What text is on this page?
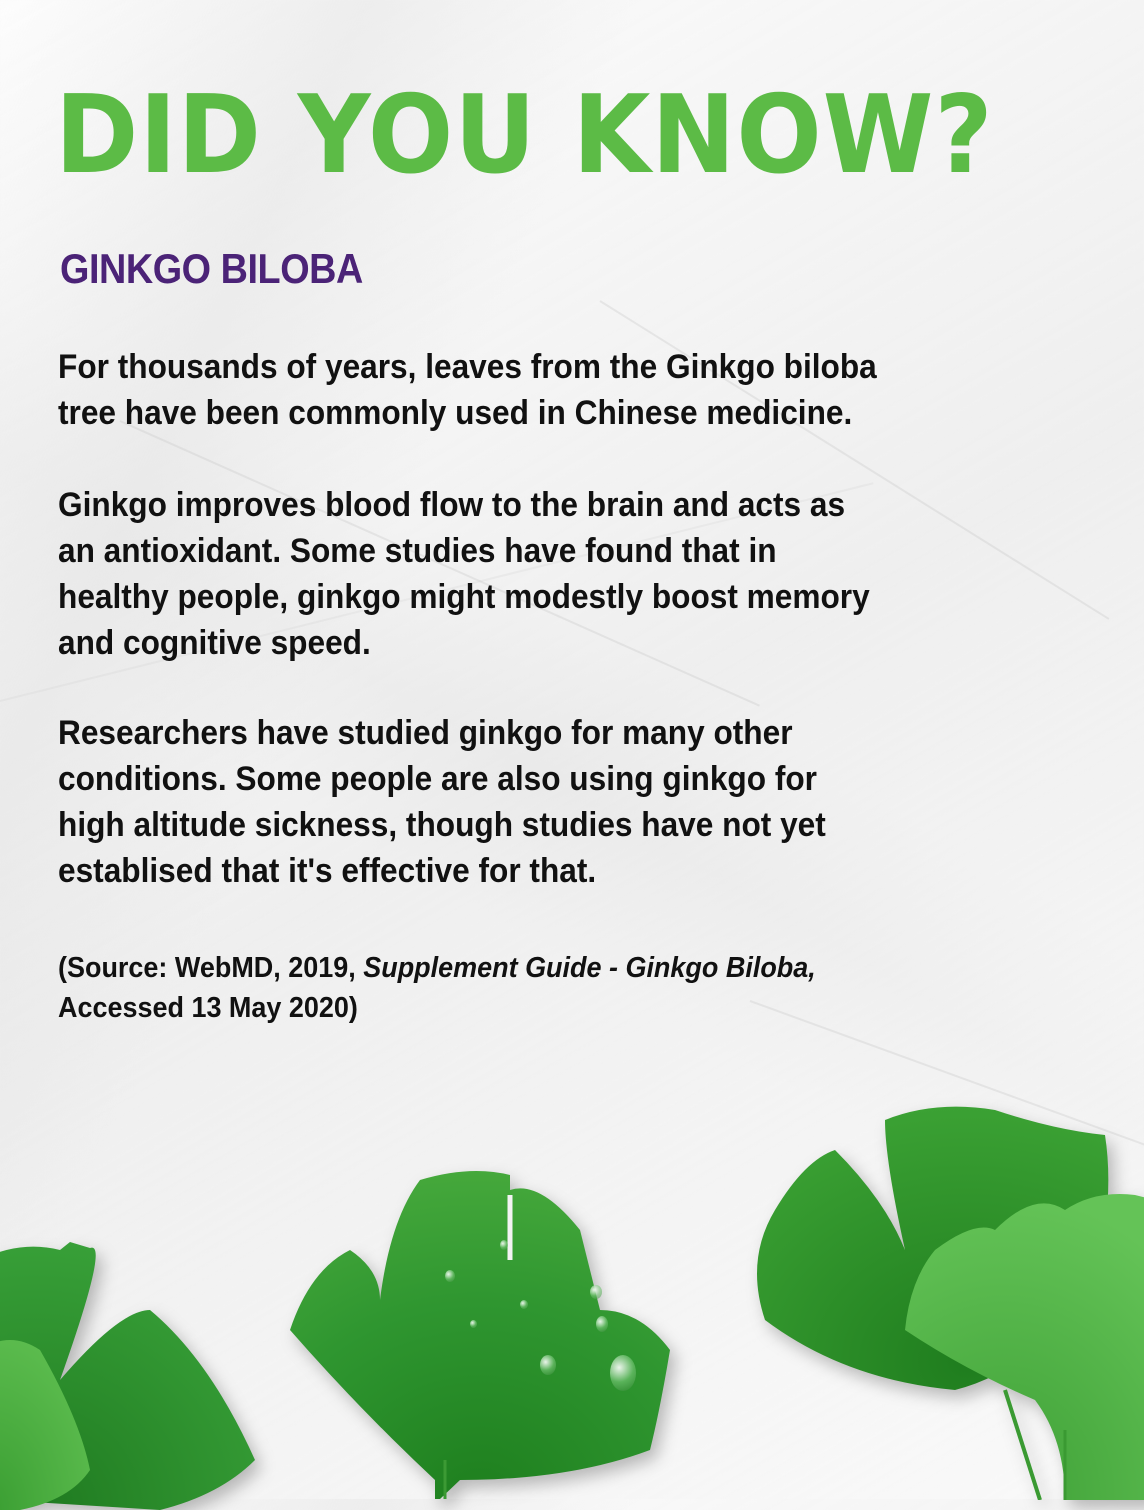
DID YOU KNOW?
GINKGO BILOBA
For thousands of years, leaves from the Ginkgo biloba
tree have been commonly used in Chinese medicine.
Ginkgo improves blood flow to the brain and acts as
an antioxidant. Some studies have found that in
healthy people, ginkgo might modestly boost memory
and cognitive speed.
Researchers have studied ginkgo for many other
conditions. Some people are also using ginkgo for
high altitude sickness, though studies have not yet
establised that it's effective for that.
(Source: WebMD, 2019, Supplement Guide - Ginkgo Biloba,
Accessed 13 May 2020)
